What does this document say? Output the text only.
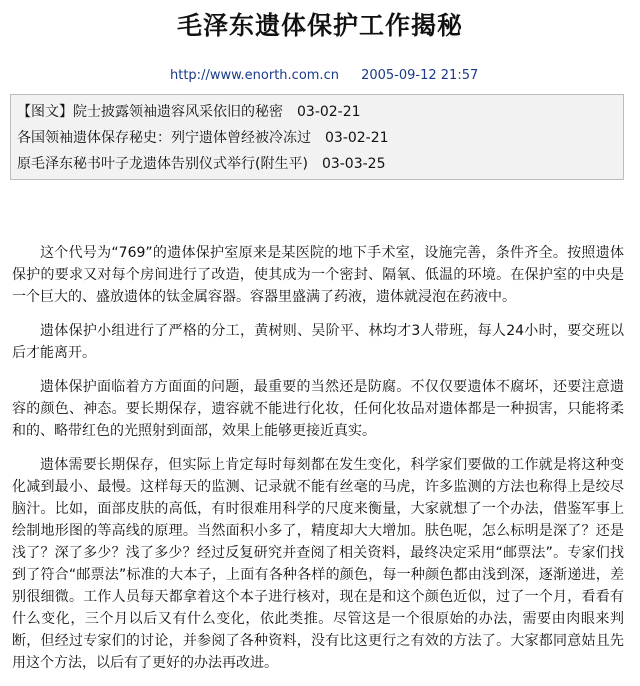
毛泽东遗体保护工作揭秘
http://www.enorth.com.cn 2005-09-12 21:57
【图文】院士披露领袖遗容风采依旧的秘密 03-02-21
各国领袖遗体保存秘史：列宁遗体曾经被冷冻过 03-02-21
原毛泽东秘书叶子龙遗体告别仪式举行(附生平) 03-03-25

这个代号为“769”的遗体保护室原来是某医院的地下手术室，设施完善，条件齐全。按照遗体保护的要求又对每个房间进行了改造，使其成为一个密封、隔氧、低温的环境。在保护室的中央是一个巨大的、盛放遗体的钛金属容器。容器里盛满了药液，遗体就浸泡在药液中。

遗体保护小组进行了严格的分工，黄树则、吴阶平、林均才3人带班，每人24小时，要交班以后才能离开。

遗体保护面临着方方面面的问题，最重要的当然还是防腐。不仅仅要遗体不腐坏，还要注意遗容的颜色、神态。要长期保存，遗容就不能进行化妆，任何化妆品对遗体都是一种损害，只能将柔和的、略带红色的光照射到面部，效果上能够更接近真实。

遗体需要长期保存，但实际上肯定每时每刻都在发生变化，科学家们要做的工作就是将这种变化减到最小、最慢。这样每天的监测、记录就不能有丝毫的马虎，许多监测的方法也称得上是绞尽脑汁。比如，面部皮肤的高低，有时很难用科学的尺度来衡量，大家就想了一个办法，借鉴军事上绘制地形图的等高线的原理。当然面积小多了，精度却大大增加。肤色呢，怎么标明是深了？还是浅了？深了多少？浅了多少？经过反复研究并查阅了相关资料，最终决定采用“邮票法”。专家们找到了符合“邮票法”标准的大本子，上面有各种各样的颜色，每一种颜色都由浅到深，逐渐递进，差别很细微。工作人员每天都拿着这个本子进行核对，现在是和这个颜色近似，过了一个月，看看有什么变化，三个月以后又有什么变化，依此类推。尽管这是一个很原始的办法，需要由肉眼来判断，但经过专家们的讨论，并参阅了各种资料，没有比这更行之有效的方法了。大家都同意姑且先用这个方法，以后有了更好的办法再改进。
